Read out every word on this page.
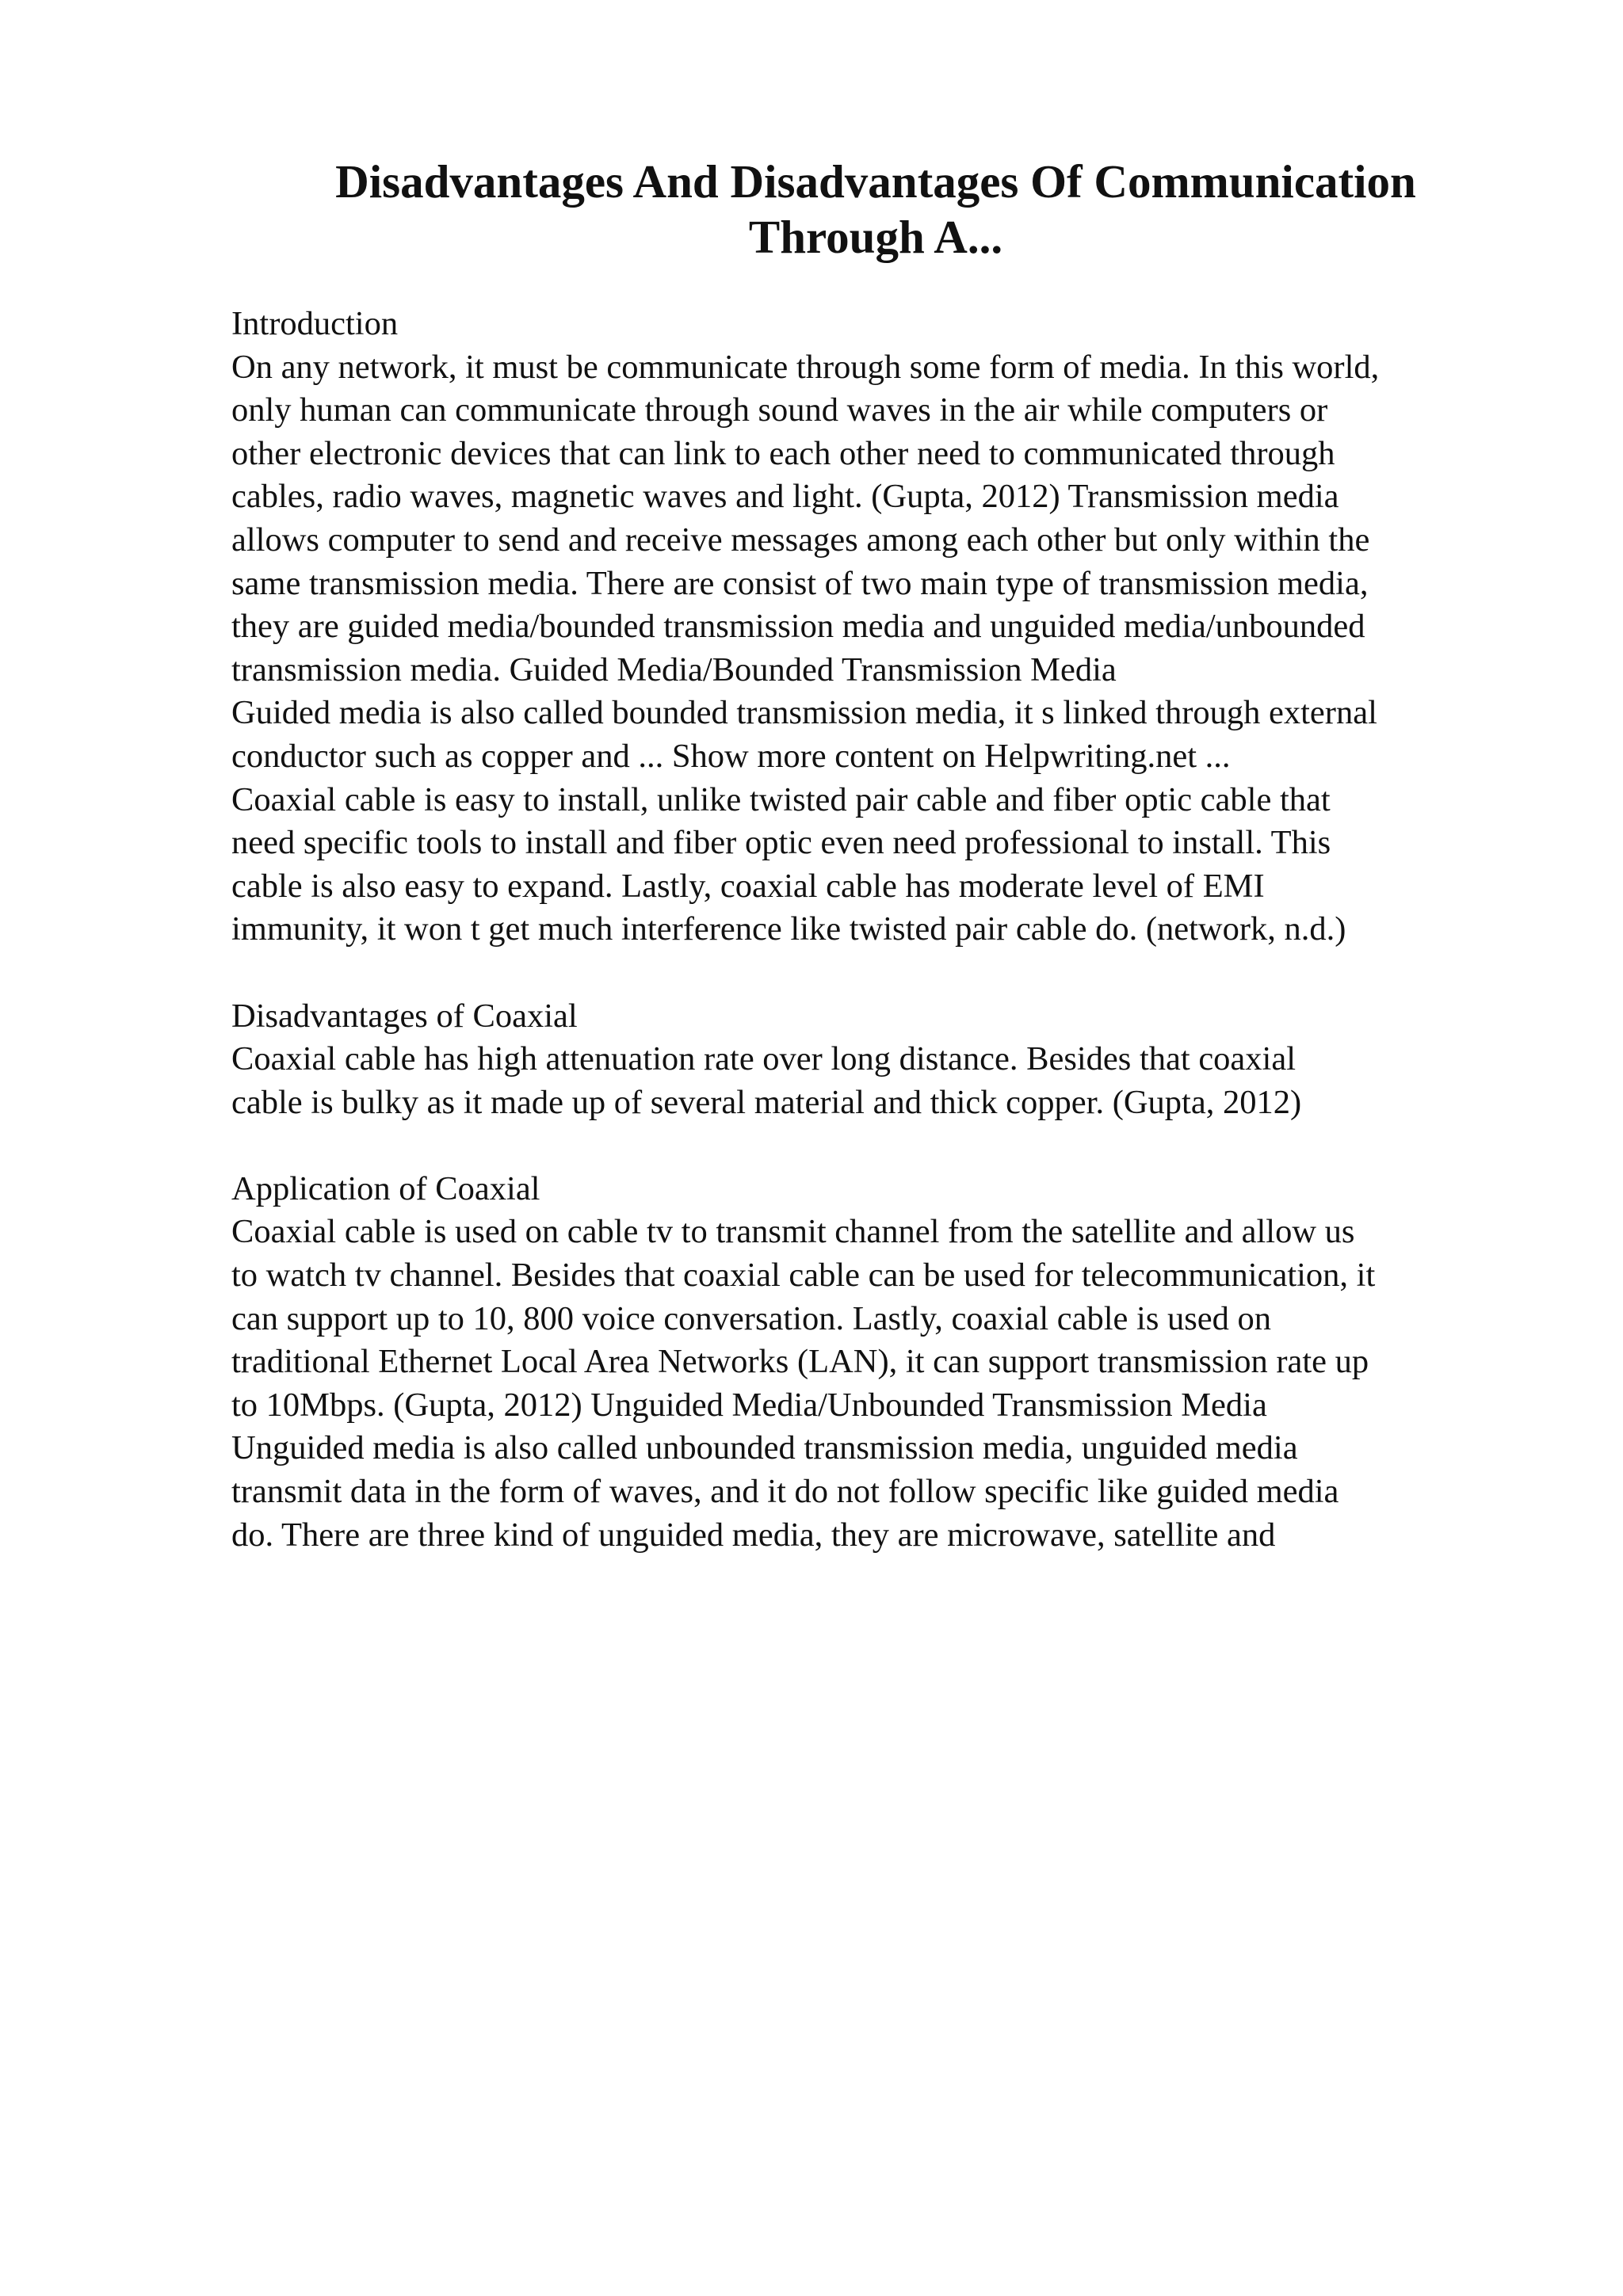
Disadvantages And Disadvantages Of Communication
Through A...
Introduction
On any network, it must be communicate through some form of media. In this world,
only human can communicate through sound waves in the air while computers or
other electronic devices that can link to each other need to communicated through
cables, radio waves, magnetic waves and light. (Gupta, 2012) Transmission media
allows computer to send and receive messages among each other but only within the
same transmission media. There are consist of two main type of transmission media,
they are guided media/bounded transmission media and unguided media/unbounded
transmission media. Guided Media/Bounded Transmission Media
Guided media is also called bounded transmission media, it s linked through external
conductor such as copper and ... Show more content on Helpwriting.net ...
Coaxial cable is easy to install, unlike twisted pair cable and fiber optic cable that
need specific tools to install and fiber optic even need professional to install. This
cable is also easy to expand. Lastly, coaxial cable has moderate level of EMI
immunity, it won t get much interference like twisted pair cable do. (network, n.d.)
Disadvantages of Coaxial
Coaxial cable has high attenuation rate over long distance. Besides that coaxial
cable is bulky as it made up of several material and thick copper. (Gupta, 2012)
Application of Coaxial
Coaxial cable is used on cable tv to transmit channel from the satellite and allow us
to watch tv channel. Besides that coaxial cable can be used for telecommunication, it
can support up to 10, 800 voice conversation. Lastly, coaxial cable is used on
traditional Ethernet Local Area Networks (LAN), it can support transmission rate up
to 10Mbps. (Gupta, 2012) Unguided Media/Unbounded Transmission Media
Unguided media is also called unbounded transmission media, unguided media
transmit data in the form of waves, and it do not follow specific like guided media
do. There are three kind of unguided media, they are microwave, satellite and
